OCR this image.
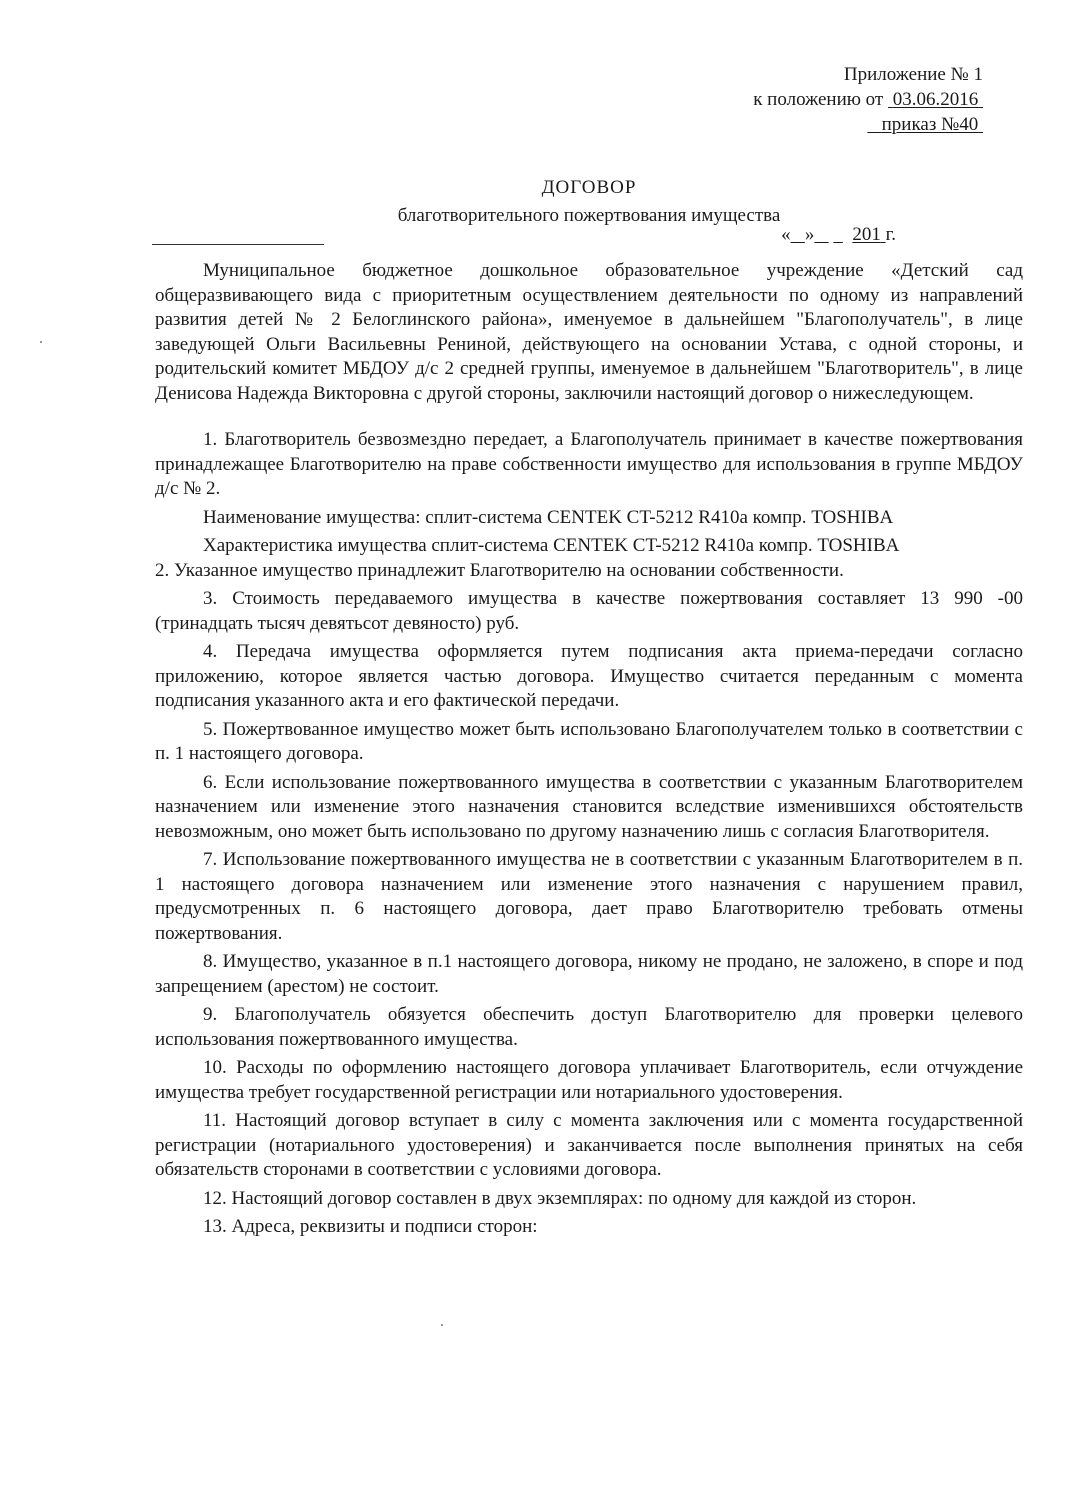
Приложение № 1
к положению от 03.06.2016
приказ №40
ДОГОВОР
благотворительного пожертвования имущества
« » 201 г.

Муниципальное бюджетное дошкольное образовательное учреждение «Детский сад общеразвивающего вида с приоритетным осуществлением деятельности по одному из направлений развития детей № 2 Белоглинского района», именуемое в дальнейшем "Благополучатель", в лице заведующей Ольги Васильевны Рениной, действующего на основании Устава, с одной стороны, и родительский комитет МБДОУ д/с 2 средней группы, именуемое в дальнейшем "Благотворитель", в лице Денисова Надежда Викторовна с другой стороны, заключили настоящий договор о нижеследующем.

1. Благотворитель безвозмездно передает, а Благополучатель принимает в качестве пожертвования принадлежащее Благотворителю на праве собственности имущество для использования в группе МБДОУ д/с № 2.

Наименование имущества: сплит-система CENTEK CT-5212 R410a компр. TOSHIBA

Характеристика имущества сплит-система CENTEK CT-5212 R410a компр. TOSHIBA

2. Указанное имущество принадлежит Благотворителю на основании собственности.

3. Стоимость передаваемого имущества в качестве пожертвования составляет 13 990 -00 (тринадцать тысяч девятьсот девяносто) руб.

4. Передача имущества оформляется путем подписания акта приема-передачи согласно приложению, которое является частью договора. Имущество считается переданным с момента подписания указанного акта и его фактической передачи.

5. Пожертвованное имущество может быть использовано Благополучателем только в соответствии с п. 1 настоящего договора.

6. Если использование пожертвованного имущества в соответствии с указанным Благотворителем назначением или изменение этого назначения становится вследствие изменившихся обстоятельств невозможным, оно может быть использовано по другому назначению лишь с согласия Благотворителя.

7. Использование пожертвованного имущества не в соответствии с указанным Благотворителем в п. 1 настоящего договора назначением или изменение этого назначения с нарушением правил, предусмотренных п. 6 настоящего договора, дает право Благотворителю требовать отмены пожертвования.

8. Имущество, указанное в п.1 настоящего договора, никому не продано, не заложено, в споре и под запрещением (арестом) не состоит.

9. Благополучатель обязуется обеспечить доступ Благотворителю для проверки целевого использования пожертвованного имущества.

10. Расходы по оформлению настоящего договора уплачивает Благотворитель, если отчуждение имущества требует государственной регистрации или нотариального удостоверения.

11. Настоящий договор вступает в силу с момента заключения или с момента государственной регистрации (нотариального удостоверения) и заканчивается после выполнения принятых на себя обязательств сторонами в соответствии с условиями договора.

12. Настоящий договор составлен в двух экземплярах: по одному для каждой из сторон.

13. Адреса, реквизиты и подписи сторон:
